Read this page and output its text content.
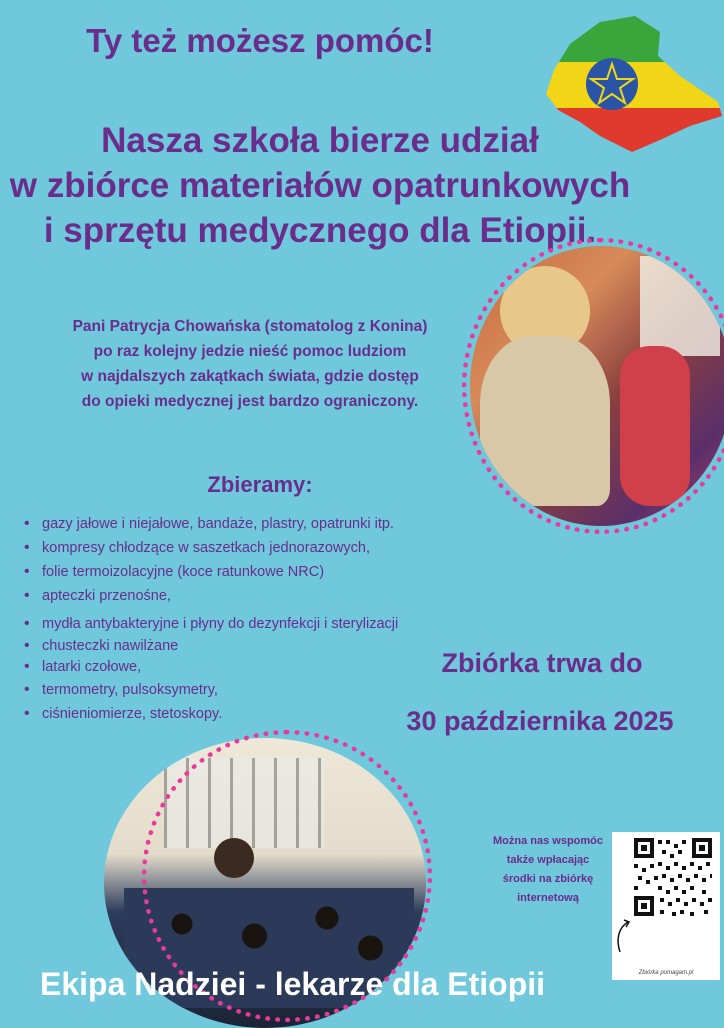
Ty też możesz pomóc!
Nasza szkoła bierze udział
w zbiórce materiałów opatrunkowych
i sprzętu medycznego dla Etiopii.
Pani Patrycja Chowańska (stomatolog z Konina)
po raz kolejny jedzie nieść pomoc ludziom
w najdalszych zakątkach świata, gdzie dostęp
do opieki medycznej jest bardzo ograniczony.
Zbieramy:
• gazy jałowe i niejałowe, bandaże, plastry, opatrunki itp.
• kompresy chłodzące w saszetkach jednorazowych,
• folie termoizolacyjne (koce ratunkowe NRC)
• apteczki przenośne,
• mydła antybakteryjne i płyny do dezynfekcji i sterylizacji
• chusteczki nawilżane
• latarki czołowe,
• termometry, pulsoksymetry,
• ciśnieniomierze, stetoskopy.
Zbiórka trwa do
30 października 2025
Można nas wspomóc
także wpłacając
środki na zbiórkę
internetową
Zbiórka pomagam.pl
Ekipa Nadziei - lekarze dla Etiopii
